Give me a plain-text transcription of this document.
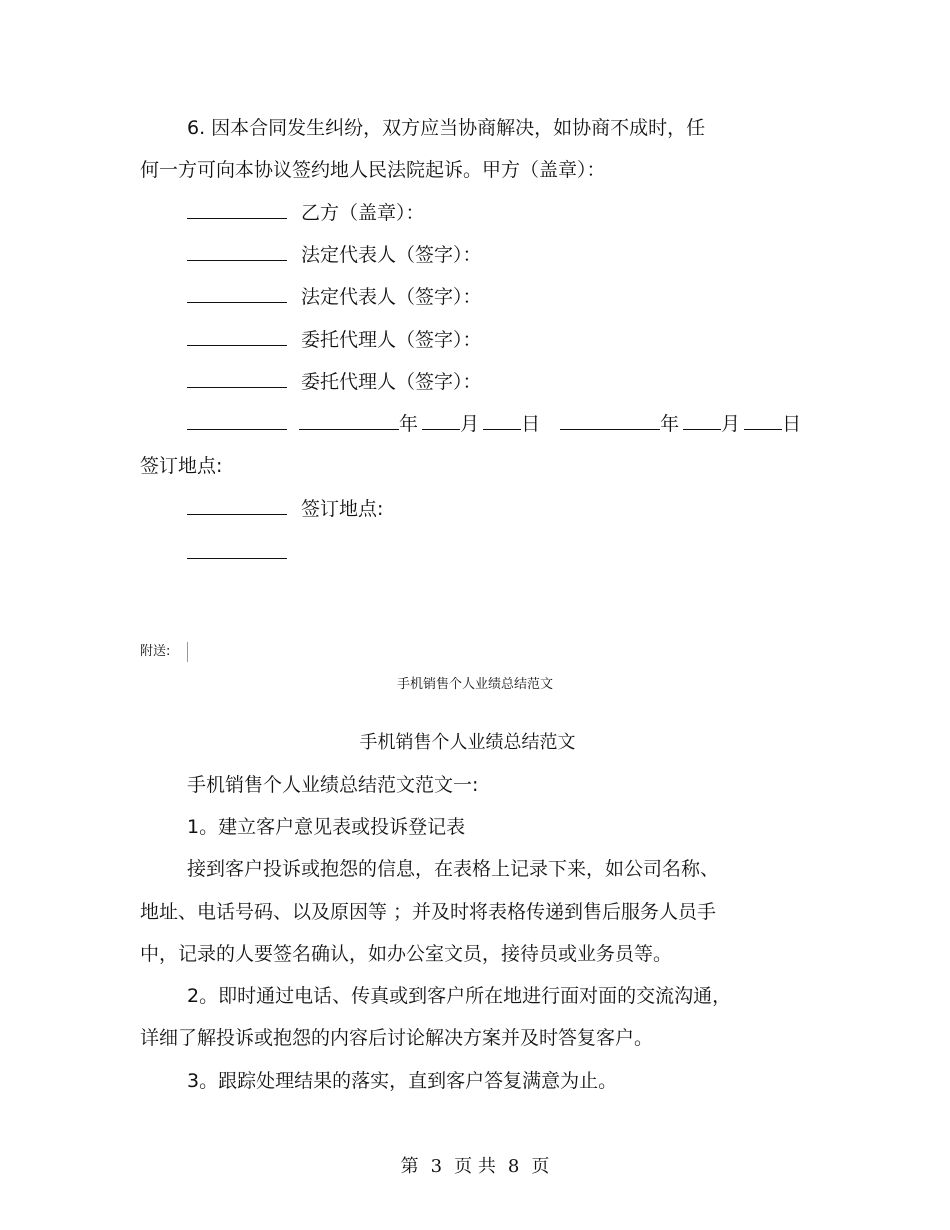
6. 因本合同发生纠纷，双方应当协商解决，如协商不成时，任
何一方可向本协议签约地人民法院起诉。甲方（盖章）：
乙方（盖章）：
法定代表人（签字）：
法定代表人（签字）：
委托代理人（签字）：
委托代理人（签字）：
年 月 日	年 月 日
签订地点:
签订地点:
附送:
手机销售个人业绩总结范文
手机销售个人业绩总结范文
手机销售个人业绩总结范文范文一:
1。建立客户意见表或投诉登记表
接到客户投诉或抱怨的信息，在表格上记录下来，如公司名称、
地址、电话号码、以及原因等 ；并及时将表格传递到售后服务人员手
中，记录的人要签名确认，如办公室文员，接待员或业务员等。
2。即时通过电话、传真或到客户所在地进行面对面的交流沟通，
详细了解投诉或抱怨的内容后讨论解决方案并及时答复客户。
3。跟踪处理结果的落实，直到客户答复满意为止。
第 3 页 共 8 页
